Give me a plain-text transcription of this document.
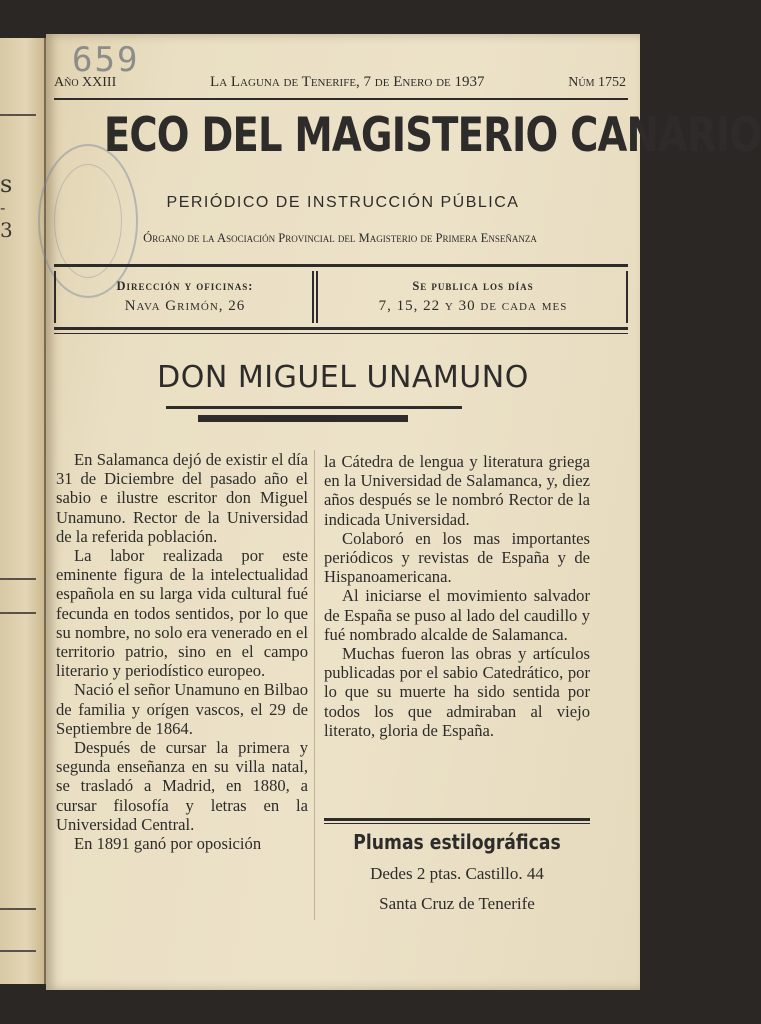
s
-
3
659
Año XXIII	La Laguna de Tenerife, 7 de Enero de 1937	Núm 1752
ECO DEL MAGISTERIO CANARIO
PERIÓDICO DE INSTRUCCIÓN PÚBLICA
Órgano de la Asociación Provincial del Magisterio de Primera Enseñanza
Dirección y oficinas:
Nava Grimón, 26
Se publica los días
7, 15, 22 y 30 de cada mes
DON MIGUEL UNAMUNO

En Salamanca dejó de existir el día 31 de Diciembre del pasado año el sabio e ilustre escritor don Miguel Unamuno. Rector de la Universidad de la referida población.

La labor realizada por este eminente figura de la intelectualidad española en su larga vida cultural fué fecunda en todos sentidos, por lo que su nombre, no solo era venerado en el territorio patrio, sino en el campo literario y periodístico europeo.

Nació el señor Unamuno en Bilbao de familia y orígen vascos, el 29 de Septiembre de 1864.

Después de cursar la primera y segunda enseñanza en su villa natal, se trasladó a Madrid, en 1880, a cursar filosofía y letras en la Universidad Central.

En 1891 ganó por oposición

la Cátedra de lengua y literatura griega en la Universidad de Salamanca, y, diez años después se le nombró Rector de la indicada Universidad.

Colaboró en los mas importantes periódicos y revistas de España y de Hispanoamericana.

Al iniciarse el movimiento salvador de España se puso al lado del caudillo y fué nombrado alcalde de Salamanca.

Muchas fueron las obras y artículos publicadas por el sabio Catedrático, por lo que su muerte ha sido sentida por todos los que admiraban al viejo literato, gloria de España.

Plumas estilográficas
Dedes 2 ptas. Castillo. 44
Santa Cruz de Tenerife
